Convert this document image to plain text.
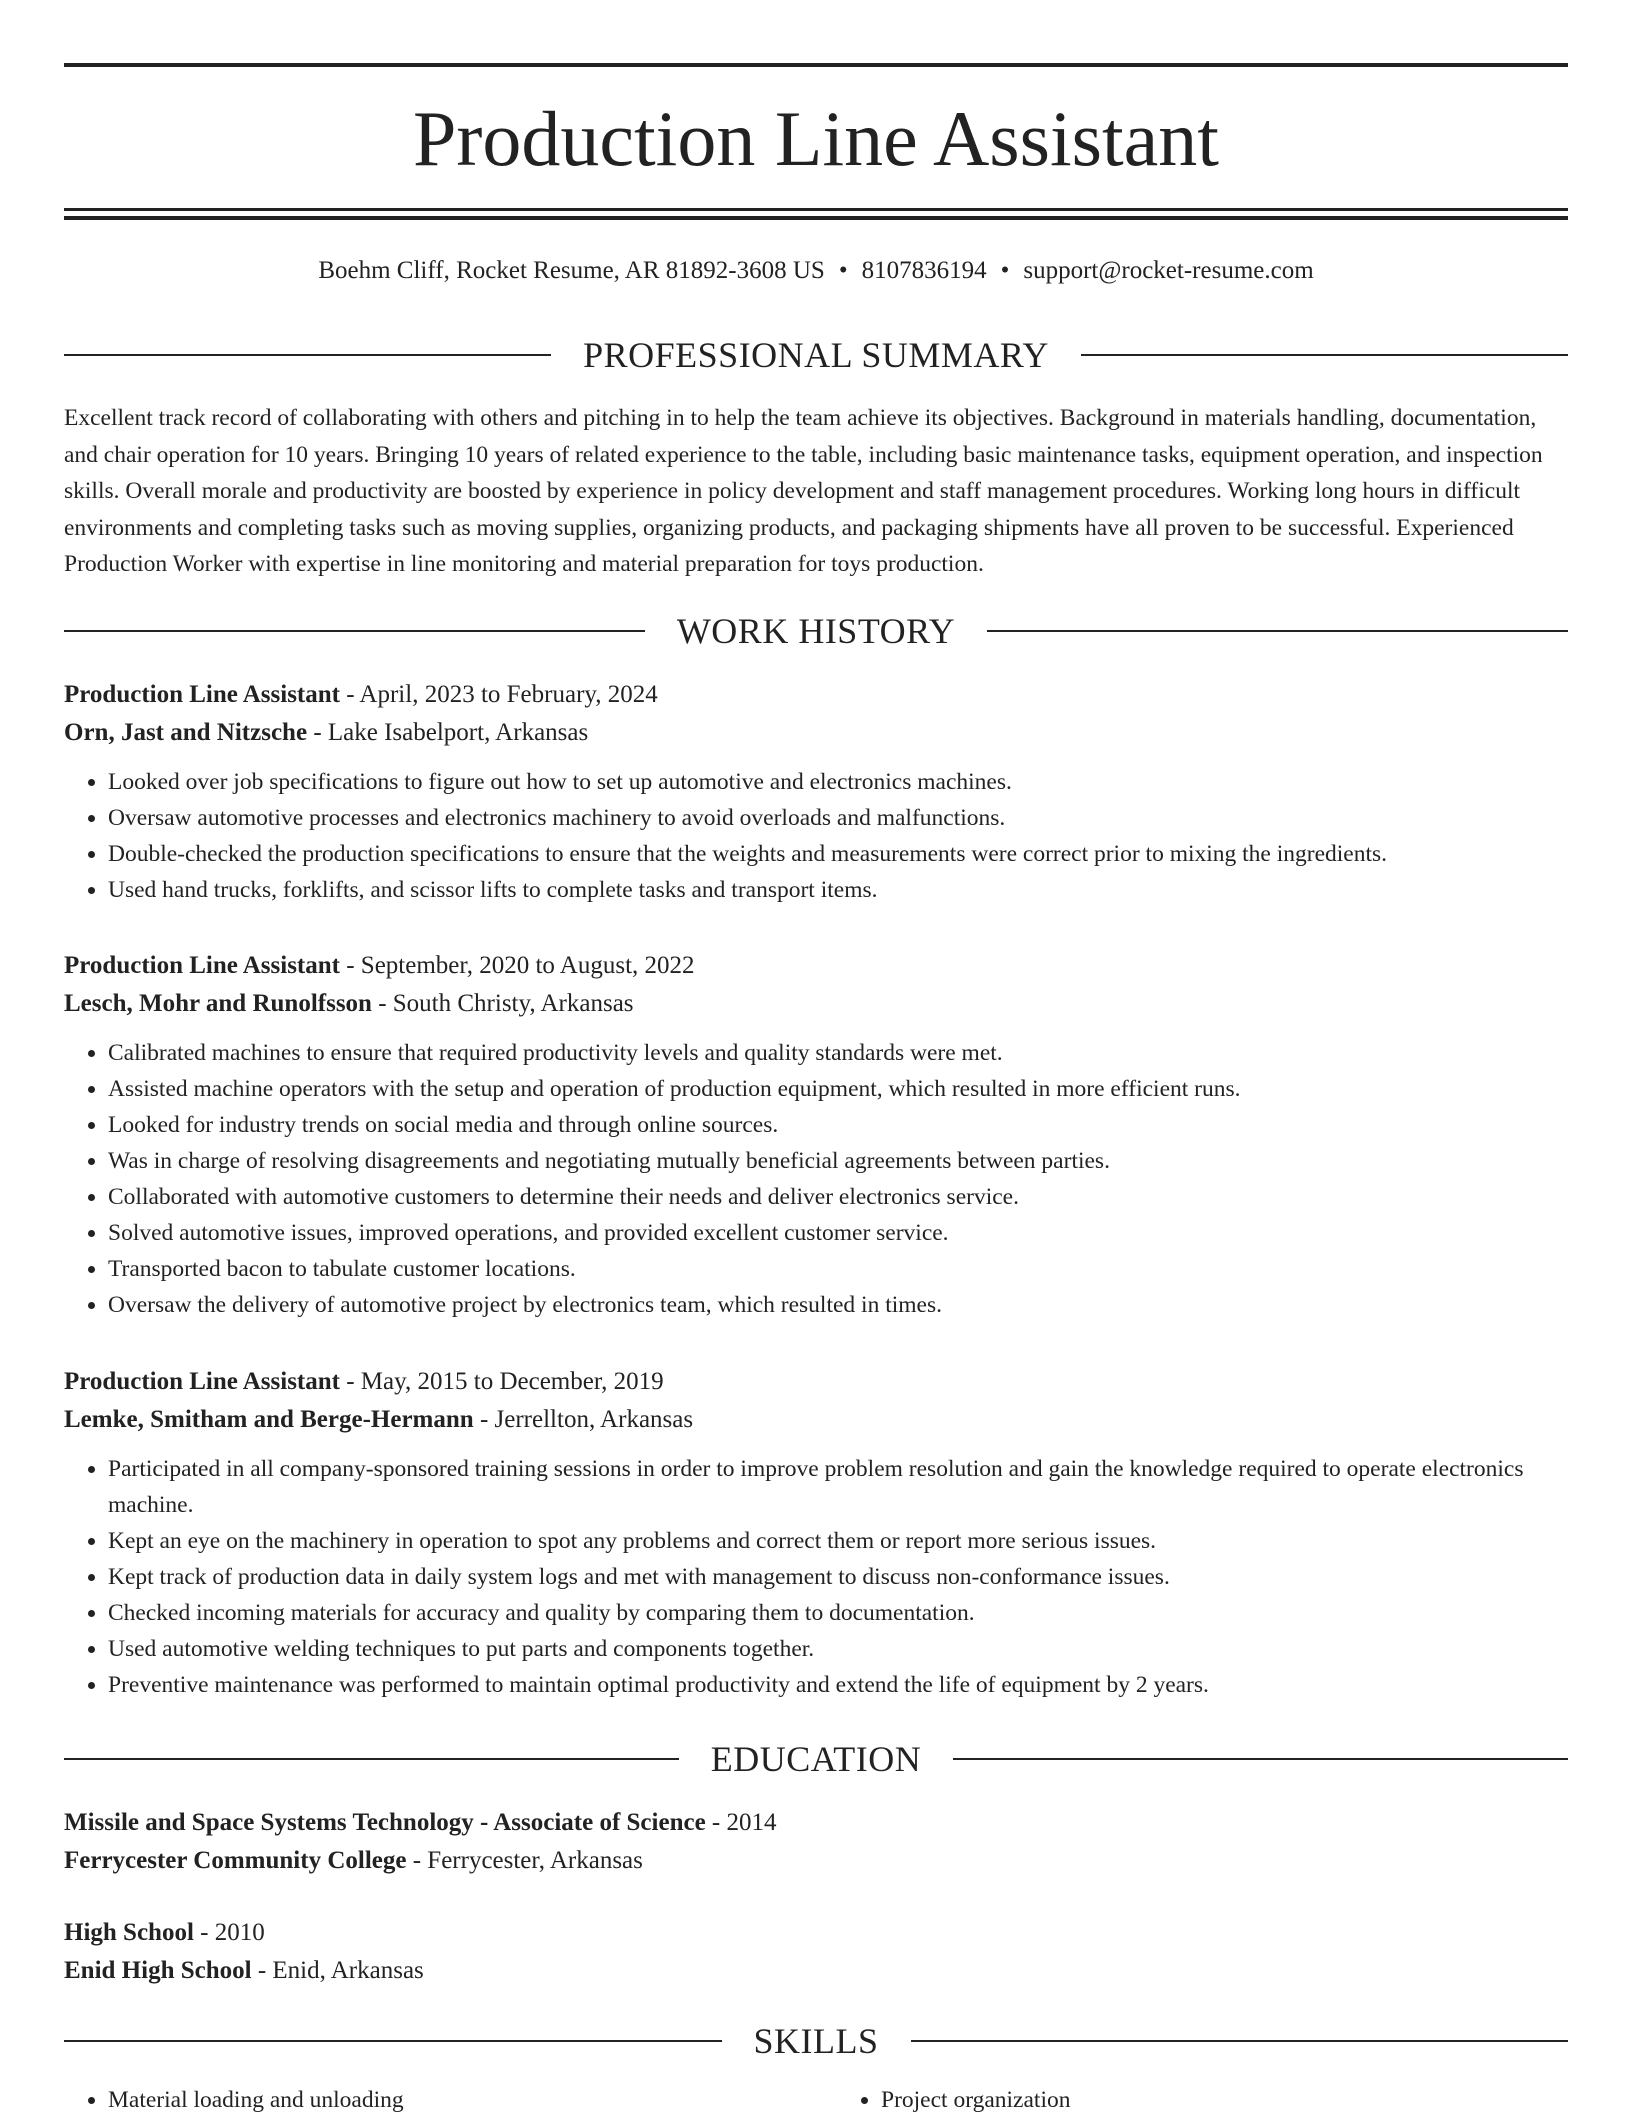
Production Line Assistant
Boehm Cliff, Rocket Resume, AR 81892-3608 US • 8107836194 • support@rocket-resume.com
PROFESSIONAL SUMMARY

Excellent track record of collaborating with others and pitching in to help the team achieve its objectives. Background in materials handling, documentation, and chair operation for 10 years. Bringing 10 years of related experience to the table, including basic maintenance tasks, equipment operation, and inspection skills. Overall morale and productivity are boosted by experience in policy development and staff management procedures. Working long hours in difficult environments and completing tasks such as moving supplies, organizing products, and packaging shipments have all proven to be successful. Experienced Production Worker with expertise in line monitoring and material preparation for toys production.

WORK HISTORY
Production Line Assistant - April, 2023 to February, 2024
Orn, Jast and Nitzsche - Lake Isabelport, Arkansas
• Looked over job specifications to figure out how to set up automotive and electronics machines.
• Oversaw automotive processes and electronics machinery to avoid overloads and malfunctions.
• Double-checked the production specifications to ensure that the weights and measurements were correct prior to mixing the ingredients.
• Used hand trucks, forklifts, and scissor lifts to complete tasks and transport items.
Production Line Assistant - September, 2020 to August, 2022
Lesch, Mohr and Runolfsson - South Christy, Arkansas
• Calibrated machines to ensure that required productivity levels and quality standards were met.
• Assisted machine operators with the setup and operation of production equipment, which resulted in more efficient runs.
• Looked for industry trends on social media and through online sources.
• Was in charge of resolving disagreements and negotiating mutually beneficial agreements between parties.
• Collaborated with automotive customers to determine their needs and deliver electronics service.
• Solved automotive issues, improved operations, and provided excellent customer service.
• Transported bacon to tabulate customer locations.
• Oversaw the delivery of automotive project by electronics team, which resulted in times.
Production Line Assistant - May, 2015 to December, 2019
Lemke, Smitham and Berge-Hermann - Jerrellton, Arkansas
• Participated in all company-sponsored training sessions in order to improve problem resolution and gain the knowledge required to operate electronics machine.
• Kept an eye on the machinery in operation to spot any problems and correct them or report more serious issues.
• Kept track of production data in daily system logs and met with management to discuss non-conformance issues.
• Checked incoming materials for accuracy and quality by comparing them to documentation.
• Used automotive welding techniques to put parts and components together.
• Preventive maintenance was performed to maintain optimal productivity and extend the life of equipment by 2 years.
EDUCATION
Missile and Space Systems Technology - Associate of Science - 2014
Ferrycester Community College - Ferrycester, Arkansas
High School - 2010
Enid High School - Enid, Arkansas
SKILLS
• Material loading and unloading
•	Project organization
